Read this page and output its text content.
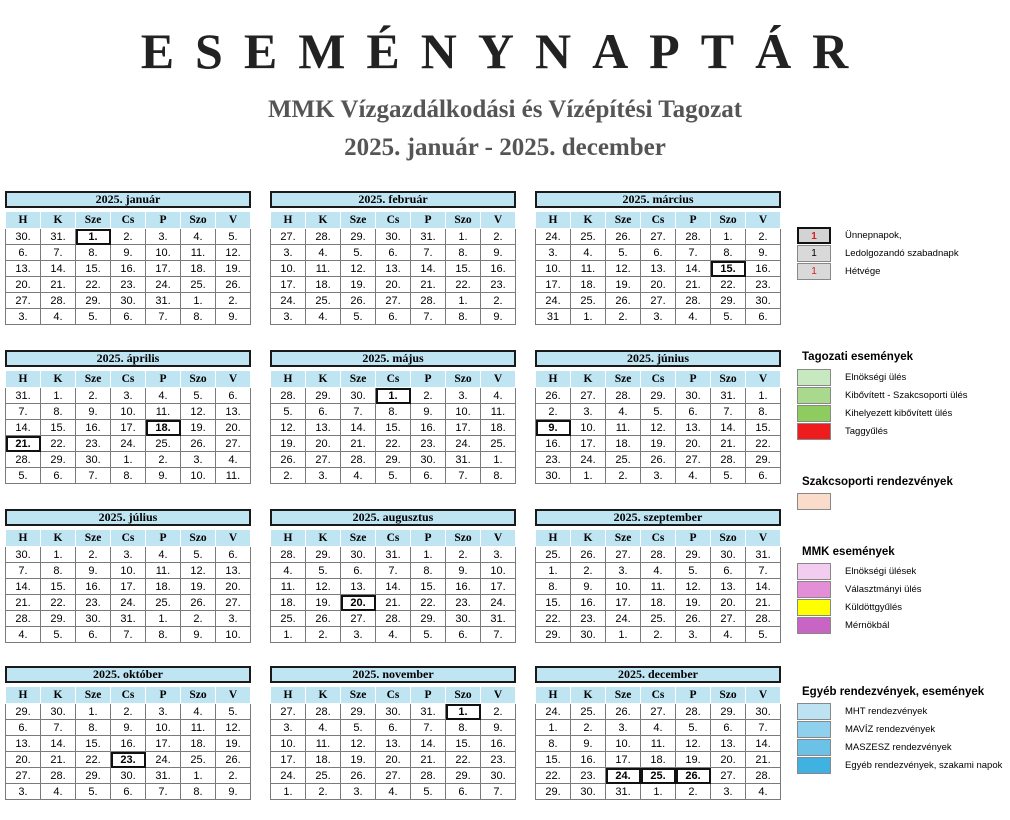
ESEMÉNYNAPTÁR
MMK Vízgazdálkodási és Vízépítési Tagozat
2025. január - 2025. december
2025. január
H	K	Sze	Cs	P	Szo	V
30.	31.	1.	2.	3.	4.	5.
6.	7.	8.	9.	10.	11.	12.
13.	14.	15.	16.	17.	18.	19.
20.	21.	22.	23.	24.	25.	26.
27.	28.	29.	30.	31.	1.	2.
3.	4.	5.	6.	7.	8.	9.
2025. február
H	K	Sze	Cs	P	Szo	V
27.	28.	29.	30.	31.	1.	2.
3.	4.	5.	6.	7.	8.	9.
10.	11.	12.	13.	14.	15.	16.
17.	18.	19.	20.	21.	22.	23.
24.	25.	26.	27.	28.	1.	2.
3.	4.	5.	6.	7.	8.	9.
2025. március
H	K	Sze	Cs	P	Szo	V
24.	25.	26.	27.	28.	1.	2.
3.	4.	5.	6.	7.	8.	9.
10.	11.	12.	13.	14.	15.	16.
17.	18.	19.	20.	21.	22.	23.
24.	25.	26.	27.	28.	29.	30.
31	1.	2.	3.	4.	5.	6.
2025. április
H	K	Sze	Cs	P	Szo	V
31.	1.	2.	3.	4.	5.	6.
7.	8.	9.	10.	11.	12.	13.
14.	15.	16.	17.	18.	19.	20.
21.	22.	23.	24.	25.	26.	27.
28.	29.	30.	1.	2.	3.	4.
5.	6.	7.	8.	9.	10.	11.
2025. május
H	K	Sze	Cs	P	Szo	V
28.	29.	30.	1.	2.	3.	4.
5.	6.	7.	8.	9.	10.	11.
12.	13.	14.	15.	16.	17.	18.
19.	20.	21.	22.	23.	24.	25.
26.	27.	28.	29.	30.	31.	1.
2.	3.	4.	5.	6.	7.	8.
2025. június
H	K	Sze	Cs	P	Szo	V
26.	27.	28.	29.	30.	31.	1.
2.	3.	4.	5.	6.	7.	8.
9.	10.	11.	12.	13.	14.	15.
16.	17.	18.	19.	20.	21.	22.
23.	24.	25.	26.	27.	28.	29.
30.	1.	2.	3.	4.	5.	6.
2025. július
H	K	Sze	Cs	P	Szo	V
30.	1.	2.	3.	4.	5.	6.
7.	8.	9.	10.	11.	12.	13.
14.	15.	16.	17.	18.	19.	20.
21.	22.	23.	24.	25.	26.	27.
28.	29.	30.	31.	1.	2.	3.
4.	5.	6.	7.	8.	9.	10.
2025. augusztus
H	K	Sze	Cs	P	Szo	V
28.	29.	30.	31.	1.	2.	3.
4.	5.	6.	7.	8.	9.	10.
11.	12.	13.	14.	15.	16.	17.
18.	19.	20.	21.	22.	23.	24.
25.	26.	27.	28.	29.	30.	31.
1.	2.	3.	4.	5.	6.	7.
2025. szeptember
H	K	Sze	Cs	P	Szo	V
25.	26.	27.	28.	29.	30.	31.
1.	2.	3.	4.	5.	6.	7.
8.	9.	10.	11.	12.	13.	14.
15.	16.	17.	18.	19.	20.	21.
22.	23.	24.	25.	26.	27.	28.
29.	30.	1.	2.	3.	4.	5.
2025. október
H	K	Sze	Cs	P	Szo	V
29.	30.	1.	2.	3.	4.	5.
6.	7.	8.	9.	10.	11.	12.
13.	14.	15.	16.	17.	18.	19.
20.	21.	22.	23.	24.	25.	26.
27.	28.	29.	30.	31.	1.	2.
3.	4.	5.	6.	7.	8.	9.
2025. november
H	K	Sze	Cs	P	Szo	V
27.	28.	29.	30.	31.	1.	2.
3.	4.	5.	6.	7.	8.	9.
10.	11.	12.	13.	14.	15.	16.
17.	18.	19.	20.	21.	22.	23.
24.	25.	26.	27.	28.	29.	30.
1.	2.	3.	4.	5.	6.	7.
2025. december
H	K	Sze	Cs	P	Szo	V
24.	25.	26.	27.	28.	29.	30.
1.	2.	3.	4.	5.	6.	7.
8.	9.	10.	11.	12.	13.	14.
15.	16.	17.	18.	19.	20.	21.
22.	23.	24.	25.	26.	27.	28.
29.	30.	31.	1.	2.	3.	4.
1	Ünnepnapok,
1	Ledolgozandó szabadnapk
1	Hétvége
Tagozati események
Elnökségi ülés
Kibővített - Szakcsoporti ülés
Kihelyezett kibővített ülés
Taggyűlés
Szakcsoporti rendezvények
MMK események
Elnökségi ülések
Választmányi ülés
Küldöttgyűlés
Mérnökbál
Egyéb rendezvények, események
MHT rendezvények
MAVÍZ rendezvények
MASZESZ rendezvények
Egyéb rendezvények, szakami napok
